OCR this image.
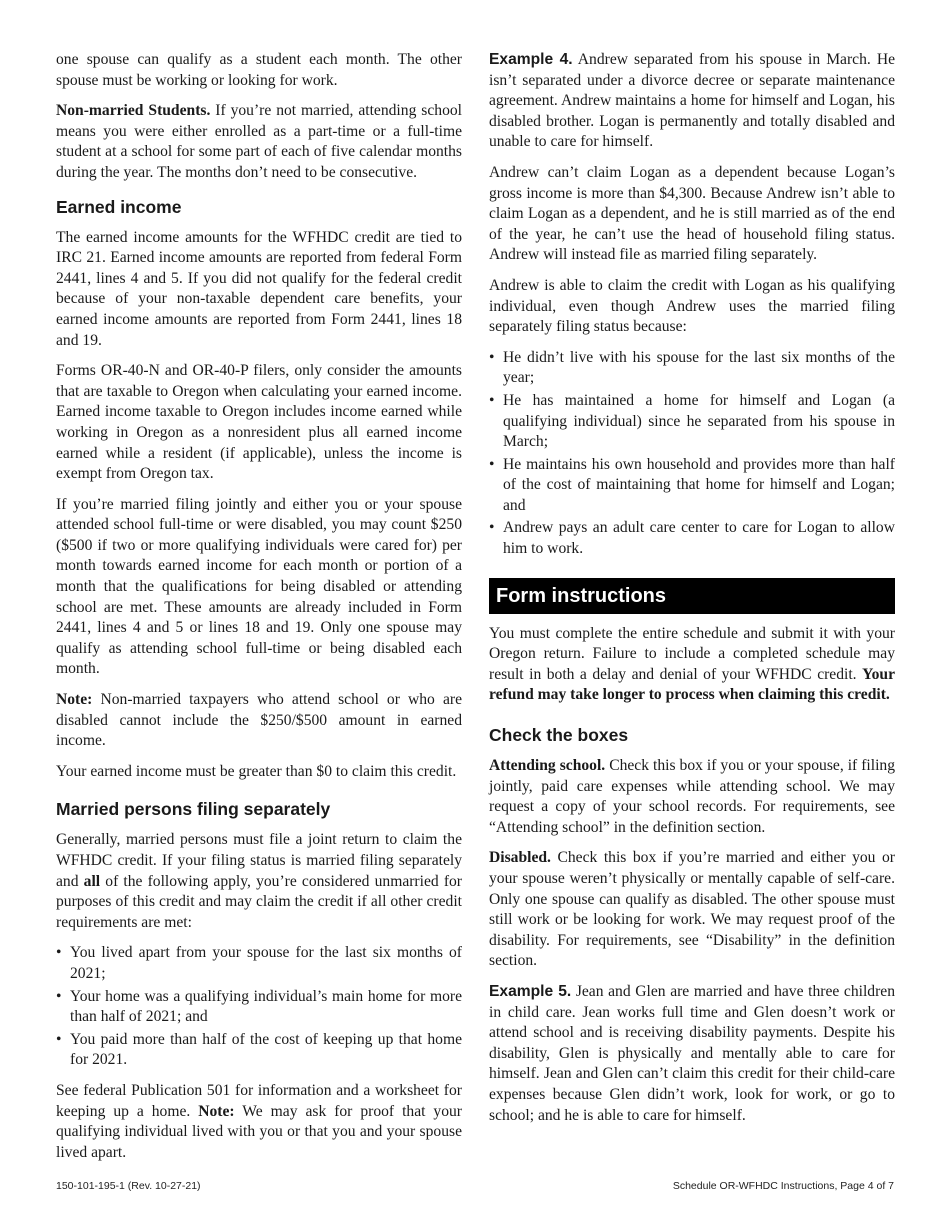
one spouse can qualify as a student each month. The other spouse must be working or looking for work.

Non-married Students. If you’re not married, attending school means you were either enrolled as a part-time or a full-time student at a school for some part of each of five calendar months during the year. The months don’t need to be consecutive.

Earned income

The earned income amounts for the WFHDC credit are tied to IRC 21. Earned income amounts are reported from federal Form 2441, lines 4 and 5. If you did not qualify for the federal credit because of your non-taxable dependent care benefits, your earned income amounts are reported from Form 2441, lines 18 and 19.

Forms OR-40-N and OR-40-P filers, only consider the amounts that are taxable to Oregon when calculating your earned income. Earned income taxable to Oregon includes income earned while working in Oregon as a nonresident plus all earned income earned while a resident (if applicable), unless the income is exempt from Oregon tax.

If you’re married filing jointly and either you or your spouse attended school full-time or were disabled, you may count $250 ($500 if two or more qualifying individuals were cared for) per month towards earned income for each month or portion of a month that the qualifications for being disabled or attending school are met. These amounts are already included in Form 2441, lines 4 and 5 or lines 18 and 19. Only one spouse may qualify as attending school full-time or being disabled each month.

Note: Non-married taxpayers who attend school or who are disabled cannot include the $250/$500 amount in earned income.

Your earned income must be greater than $0 to claim this credit.

Married persons filing separately

Generally, married persons must file a joint return to claim the WFHDC credit. If your filing status is married filing separately and all of the following apply, you’re considered unmarried for purposes of this credit and may claim the credit if all other credit requirements are met:

• You lived apart from your spouse for the last six months of 2021;
• Your home was a qualifying individual’s main home for more than half of 2021; and
• You paid more than half of the cost of keeping up that home for 2021.

See federal Publication 501 for information and a worksheet for keeping up a home. Note: We may ask for proof that your qualifying individual lived with you or that you and your spouse lived apart.

Example 4. Andrew separated from his spouse in March. He isn’t separated under a divorce decree or separate maintenance agreement. Andrew maintains a home for himself and Logan, his disabled brother. Logan is permanently and totally disabled and unable to care for himself.

Andrew can’t claim Logan as a dependent because Logan’s gross income is more than $4,300. Because Andrew isn’t able to claim Logan as a dependent, and he is still married as of the end of the year, he can’t use the head of household filing status. Andrew will instead file as married filing separately.

Andrew is able to claim the credit with Logan as his qualifying individual, even though Andrew uses the married filing separately filing status because:

• He didn’t live with his spouse for the last six months of the year;
• He has maintained a home for himself and Logan (a qualifying individual) since he separated from his spouse in March;
• He maintains his own household and provides more than half of the cost of maintaining that home for himself and Logan; and
• Andrew pays an adult care center to care for Logan to allow him to work.
Form instructions

You must complete the entire schedule and submit it with your Oregon return. Failure to include a completed schedule may result in both a delay and denial of your WFHDC credit. Your refund may take longer to process when claiming this credit.

Check the boxes

Attending school. Check this box if you or your spouse, if filing jointly, paid care expenses while attending school. We may request a copy of your school records. For requirements, see “Attending school” in the definition section.

Disabled. Check this box if you’re married and either you or your spouse weren’t physically or mentally capable of self-care. Only one spouse can qualify as disabled. The other spouse must still work or be looking for work. We may request proof of the disability. For requirements, see “Disability” in the definition section.

Example 5. Jean and Glen are married and have three children in child care. Jean works full time and Glen doesn’t work or attend school and is receiving disability payments. Despite his disability, Glen is physically and mentally able to care for himself. Jean and Glen can’t claim this credit for their child-care expenses because Glen didn’t work, look for work, or go to school; and he is able to care for himself.

150-101-195-1 (Rev. 10-27-21)	Schedule OR-WFHDC Instructions, Page 4 of 7
